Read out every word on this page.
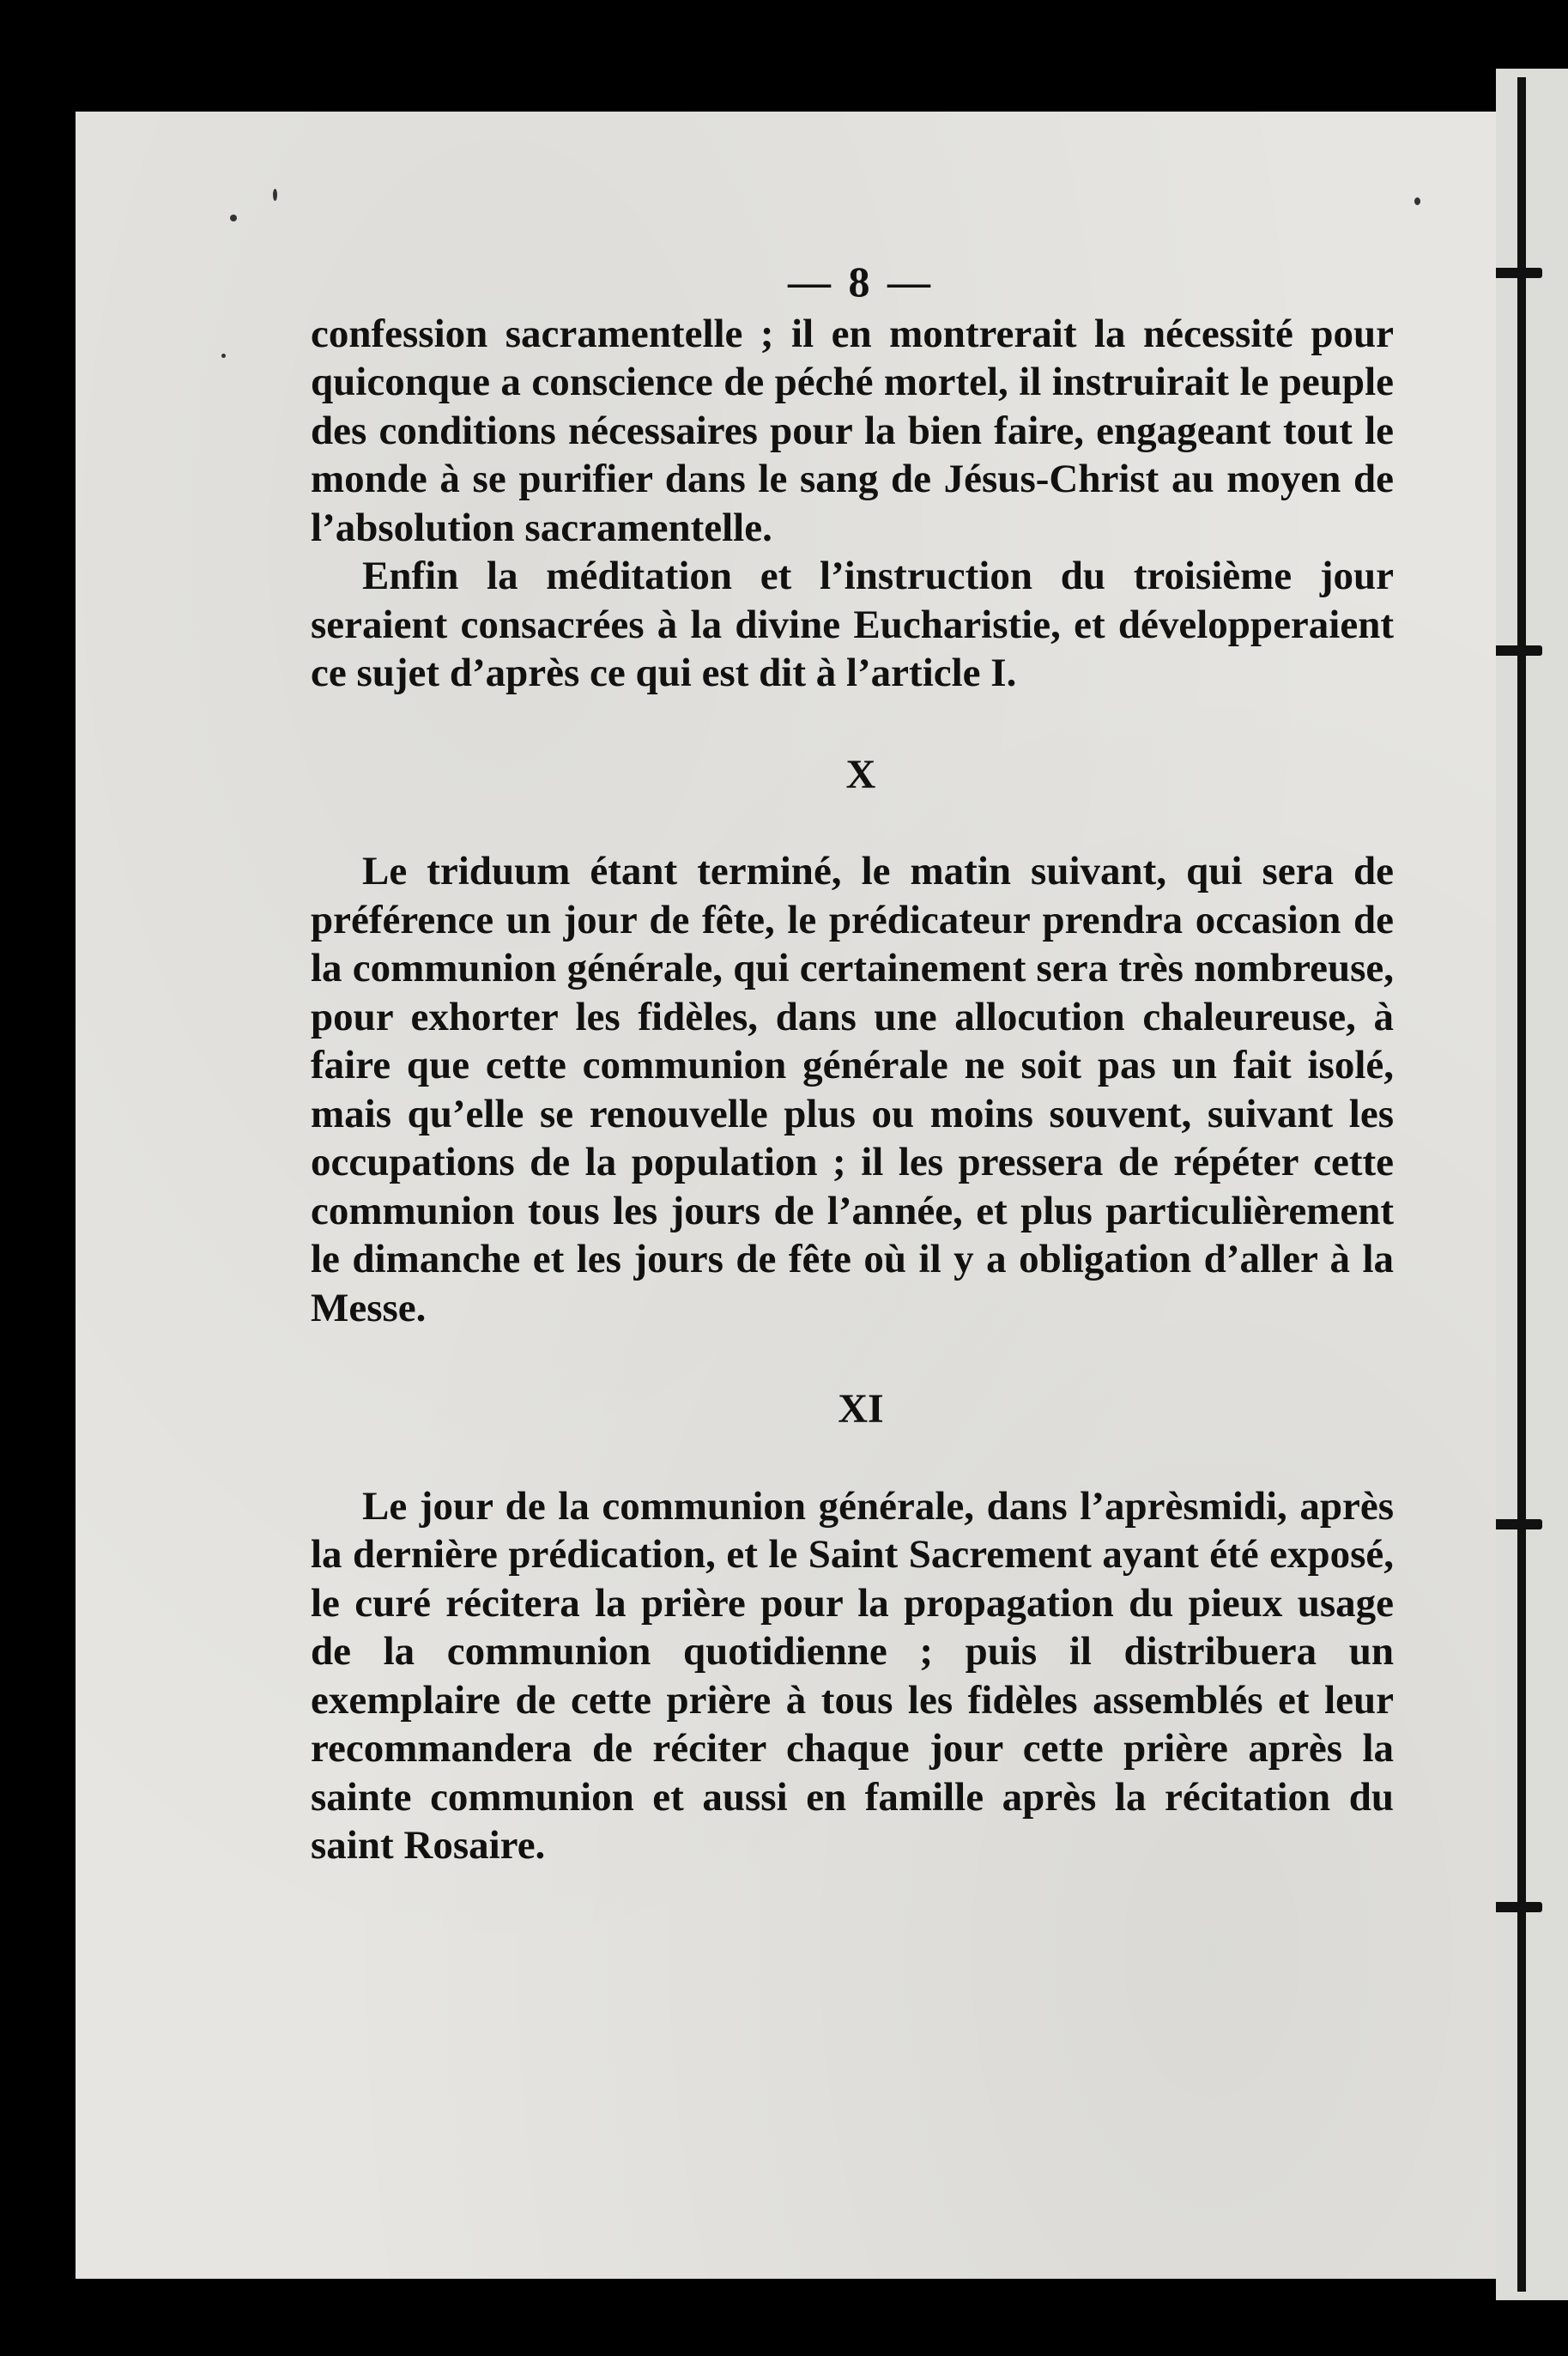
— 8 —

confession sacramentelle ; il en montrerait la nécessité pour quiconque a conscience de péché mortel, il instruirait le peuple des conditions nécessaires pour la bien faire, engageant tout le monde à se purifier dans le sang de Jésus-Christ au moyen de l’absolution sacramentelle.

Enfin la méditation et l’instruction du troisième jour seraient consacrées à la divine Eucharistie, et développeraient ce sujet d’après ce qui est dit à l’article I.

X

Le triduum étant terminé, le matin suivant, qui sera de préférence un jour de fête, le prédicateur prendra occasion de la communion générale, qui certainement sera très nombreuse, pour exhorter les fidèles, dans une allocution chaleureuse, à faire que cette communion générale ne soit pas un fait isolé, mais qu’elle se renouvelle plus ou moins souvent, suivant les occupations de la population ; il les pressera de répéter cette communion tous les jours de l’année, et plus particulièrement le dimanche et les jours de fête où il y a obligation d’aller à la Messe.

XI

Le jour de la communion générale, dans l’aprèsmidi, après la dernière prédication, et le Saint Sacrement ayant été exposé, le curé récitera la prière pour la propagation du pieux usage de la communion quotidienne ; puis il distribuera un exemplaire de cette prière à tous les fidèles assemblés et leur recommandera de réciter chaque jour cette prière après la sainte communion et aussi en famille après la récitation du saint Rosaire.
